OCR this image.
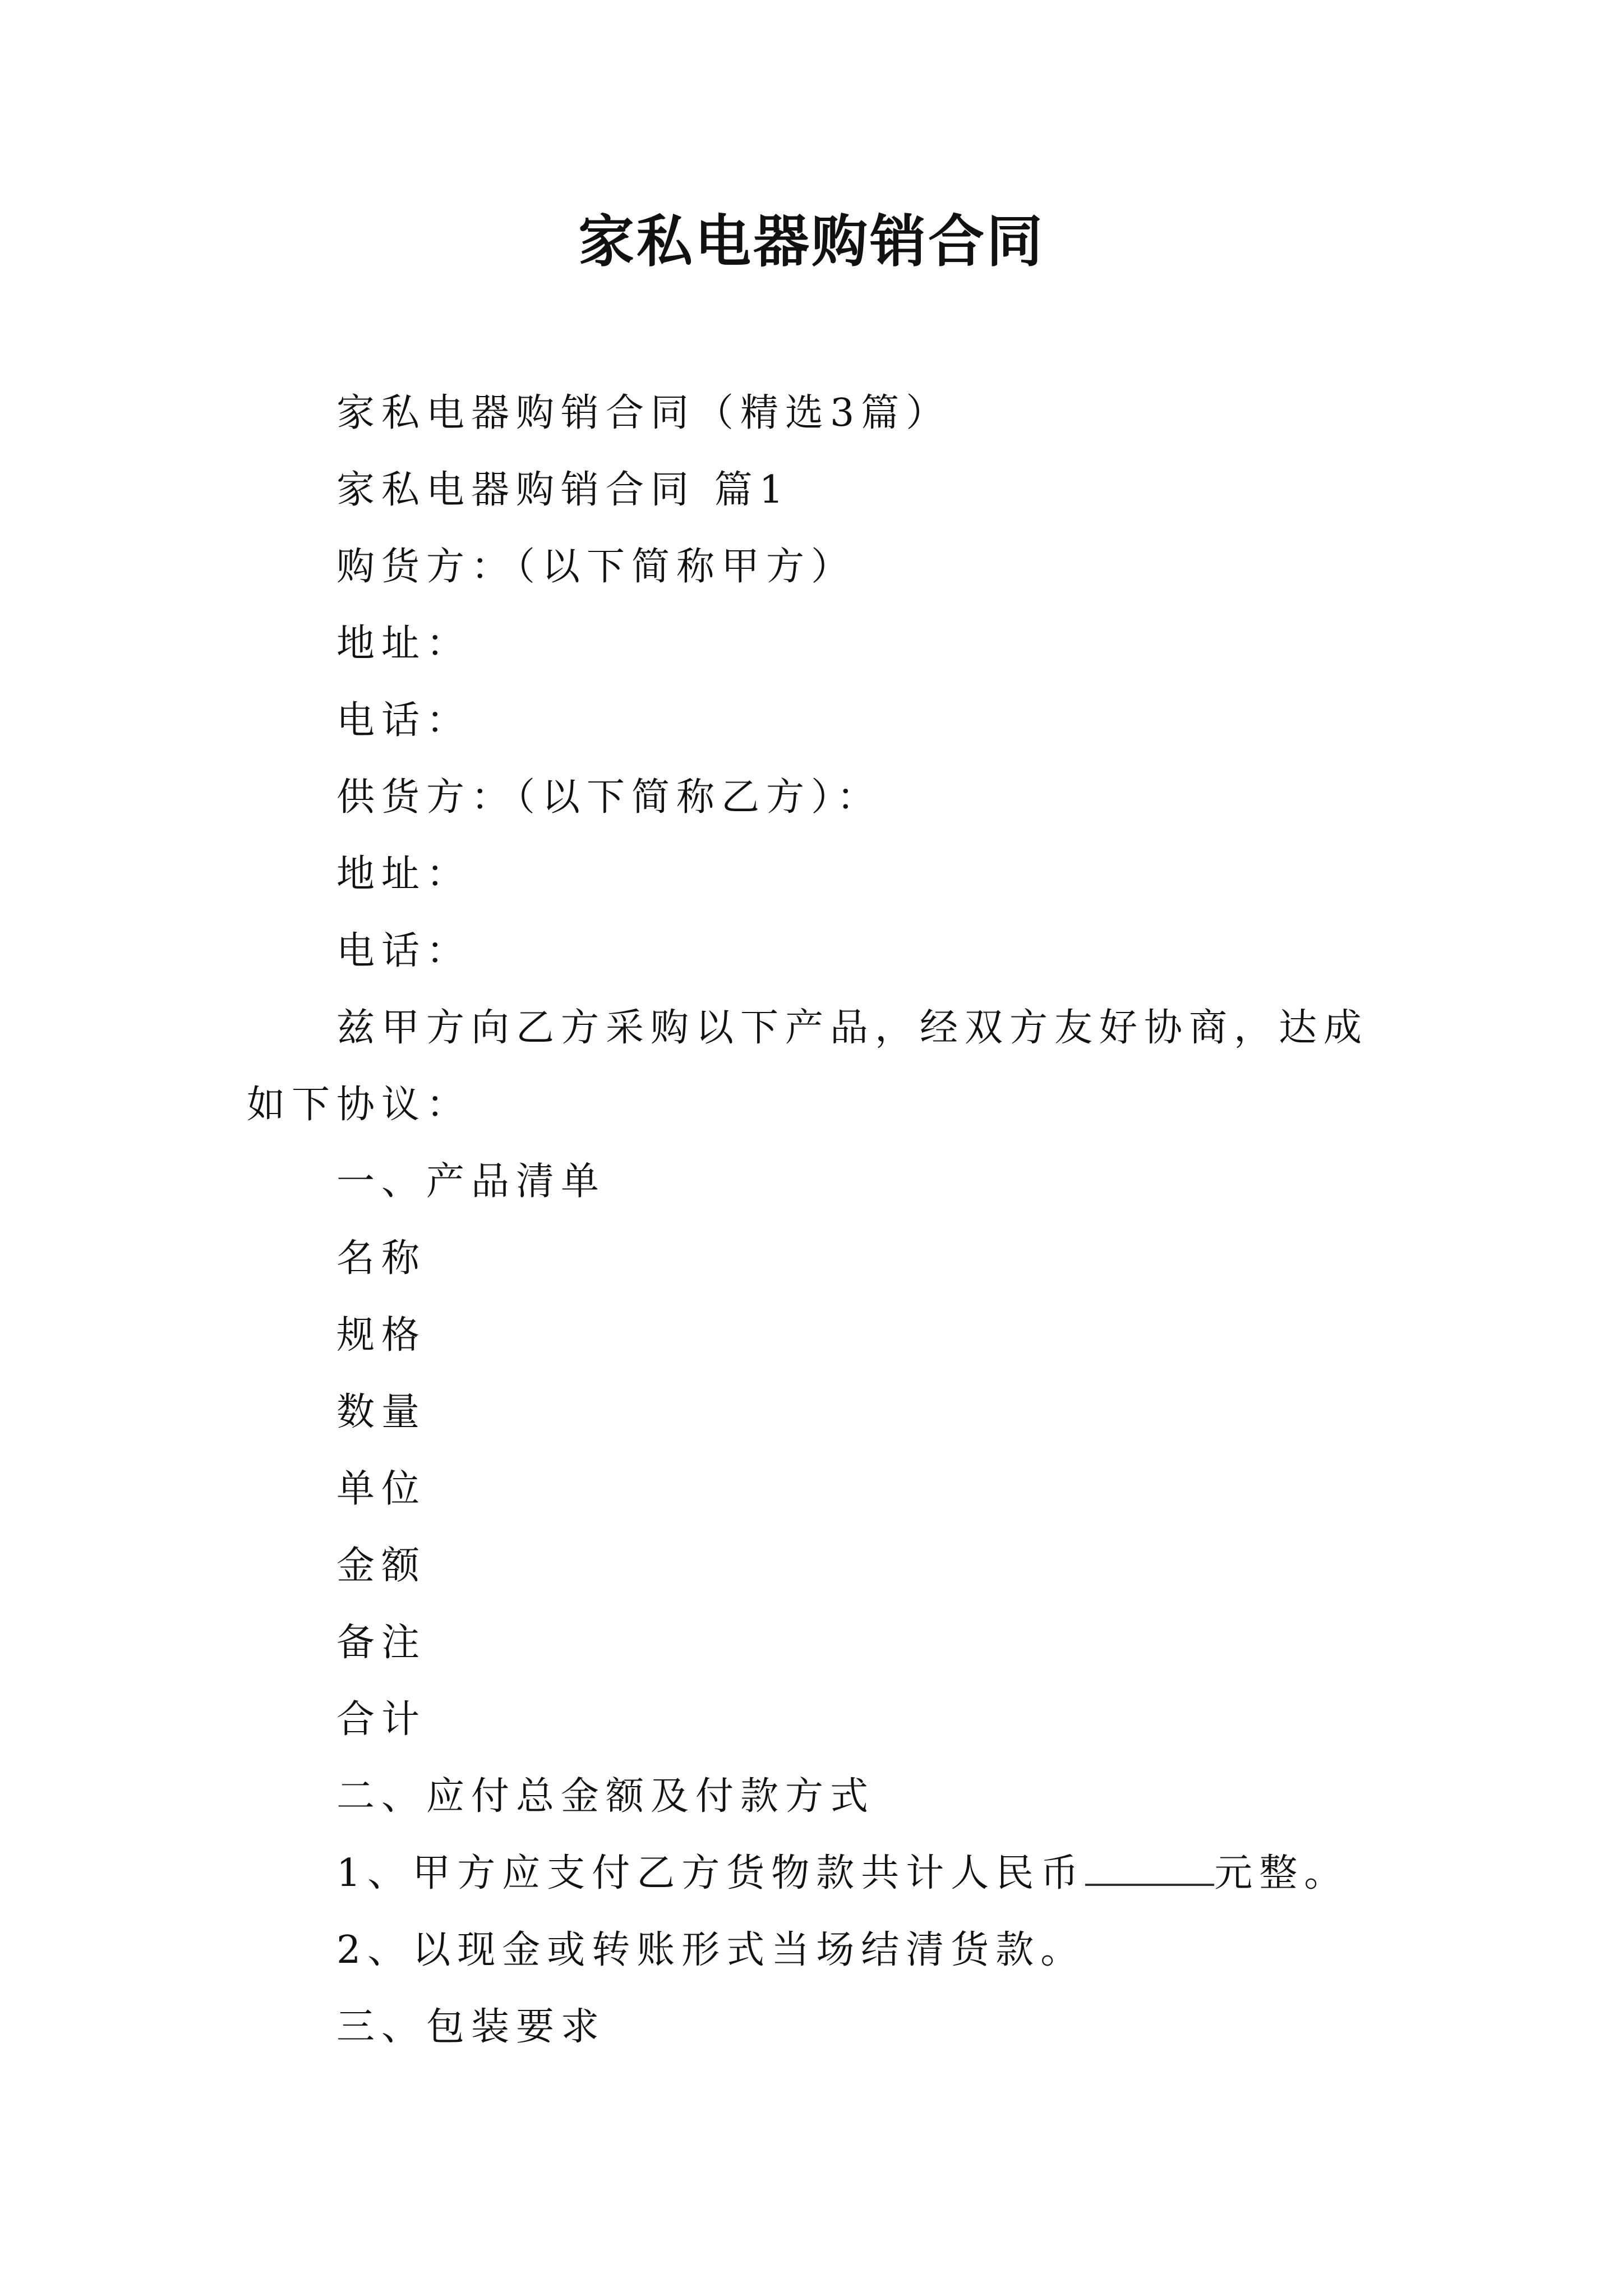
家私电器购销合同

家私电器购销合同（精选3篇）

家私电器购销合同 篇1

购货方：（以下简称甲方）

地址：

电话：

供货方：（以下简称乙方）：

地址：

电话：

兹甲方向乙方采购以下产品，经双方友好协商，达成如下协议：

一、产品清单

名称

规格

数量

单位

金额

备注

合计

二、应付总金额及付款方式

1、甲方应支付乙方货物款共计人民币	元整。

2、以现金或转账形式当场结清货款。

三、包装要求
